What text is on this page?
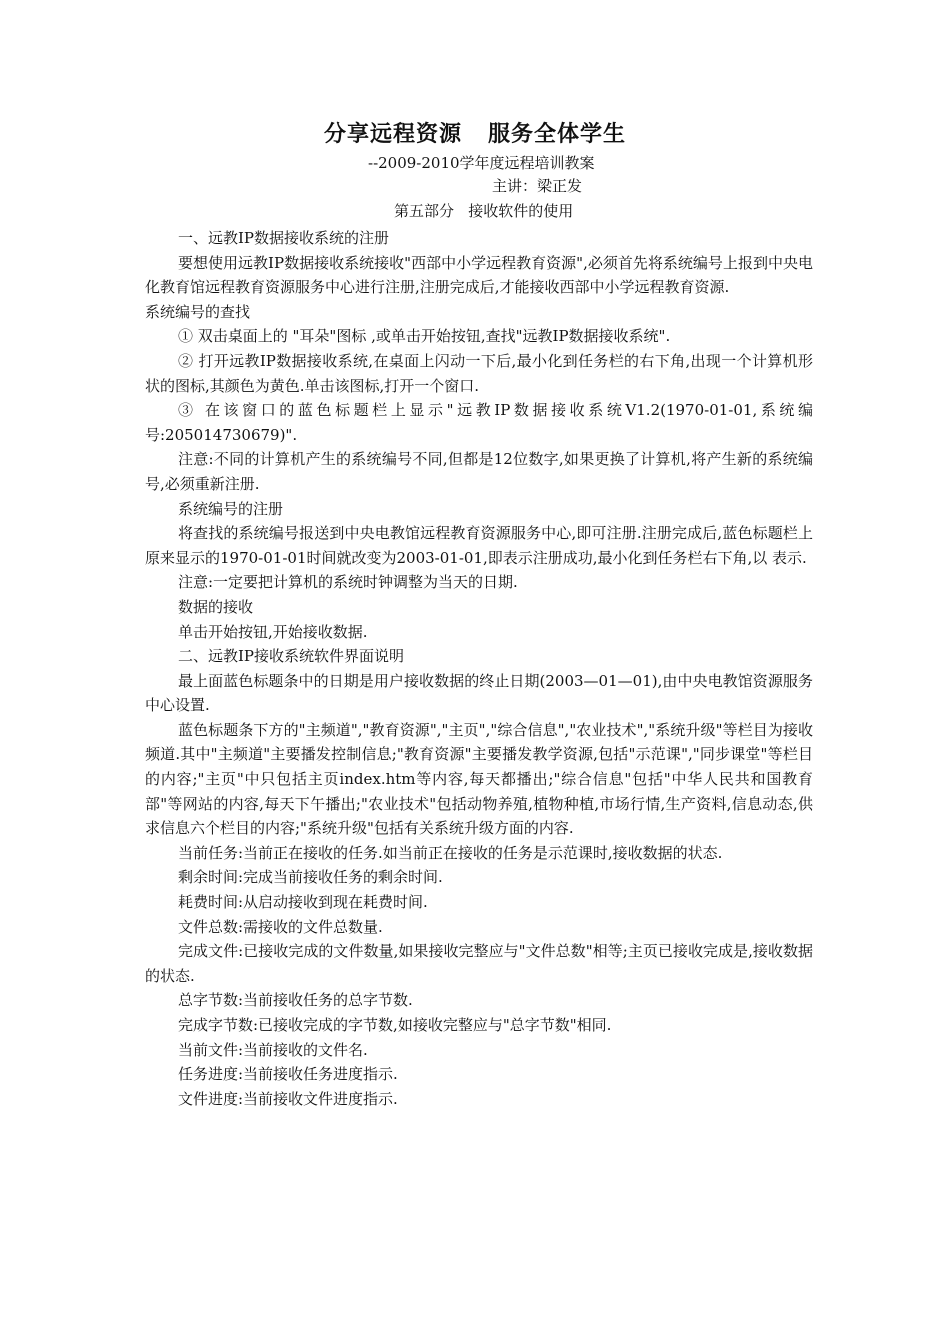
分享远程资源   服务全体学生
--2009-2010学年度远程培训教案
主讲：梁正发
第五部分   接收软件的使用

一、远教IP数据接收系统的注册

要想使用远教IP数据接收系统接收"西部中小学远程教育资源",必须首先将系统编号上报到中央电化教育馆远程教育资源服务中心进行注册,注册完成后,才能接收西部中小学远程教育资源.

系统编号的查找

① 双击桌面上的 "耳朵"图标 ,或单击开始按钮,查找"远教IP数据接收系统".

② 打开远教IP数据接收系统,在桌面上闪动一下后,最小化到任务栏的右下角,出现一个计算机形状的图标,其颜色为黄色.单击该图标,打开一个窗口.

③ 在该窗口的蓝色标题栏上显示"远教IP数据接收系统V1.2(1970-01-01,系统编号:205014730679)".

注意:不同的计算机产生的系统编号不同,但都是12位数字,如果更换了计算机,将产生新的系统编号,必须重新注册.

系统编号的注册

将查找的系统编号报送到中央电教馆远程教育资源服务中心,即可注册.注册完成后,蓝色标题栏上原来显示的1970-01-01时间就改变为2003-01-01,即表示注册成功,最小化到任务栏右下角,以 表示.

注意:一定要把计算机的系统时钟调整为当天的日期.

数据的接收

单击开始按钮,开始接收数据.

二、远教IP接收系统软件界面说明

最上面蓝色标题条中的日期是用户接收数据的终止日期(2003—01—01),由中央电教馆资源服务中心设置.

蓝色标题条下方的"主频道","教育资源","主页","综合信息","农业技术","系统升级"等栏目为接收频道.其中"主频道"主要播发控制信息;"教育资源"主要播发教学资源,包括"示范课","同步课堂"等栏目的内容;"主页"中只包括主页index.htm等内容,每天都播出;"综合信息"包括"中华人民共和国教育部"等网站的内容,每天下午播出;"农业技术"包括动物养殖,植物种植,市场行情,生产资料,信息动态,供求信息六个栏目的内容;"系统升级"包括有关系统升级方面的内容.

当前任务:当前正在接收的任务.如当前正在接收的任务是示范课时,接收数据的状态.

剩余时间:完成当前接收任务的剩余时间.

耗费时间:从启动接收到现在耗费时间.

文件总数:需接收的文件总数量.

完成文件:已接收完成的文件数量,如果接收完整应与"文件总数"相等;主页已接收完成是,接收数据的状态.

总字节数:当前接收任务的总字节数.

完成字节数:已接收完成的字节数,如接收完整应与"总字节数"相同.

当前文件:当前接收的文件名.

任务进度:当前接收任务进度指示.

文件进度:当前接收文件进度指示.
